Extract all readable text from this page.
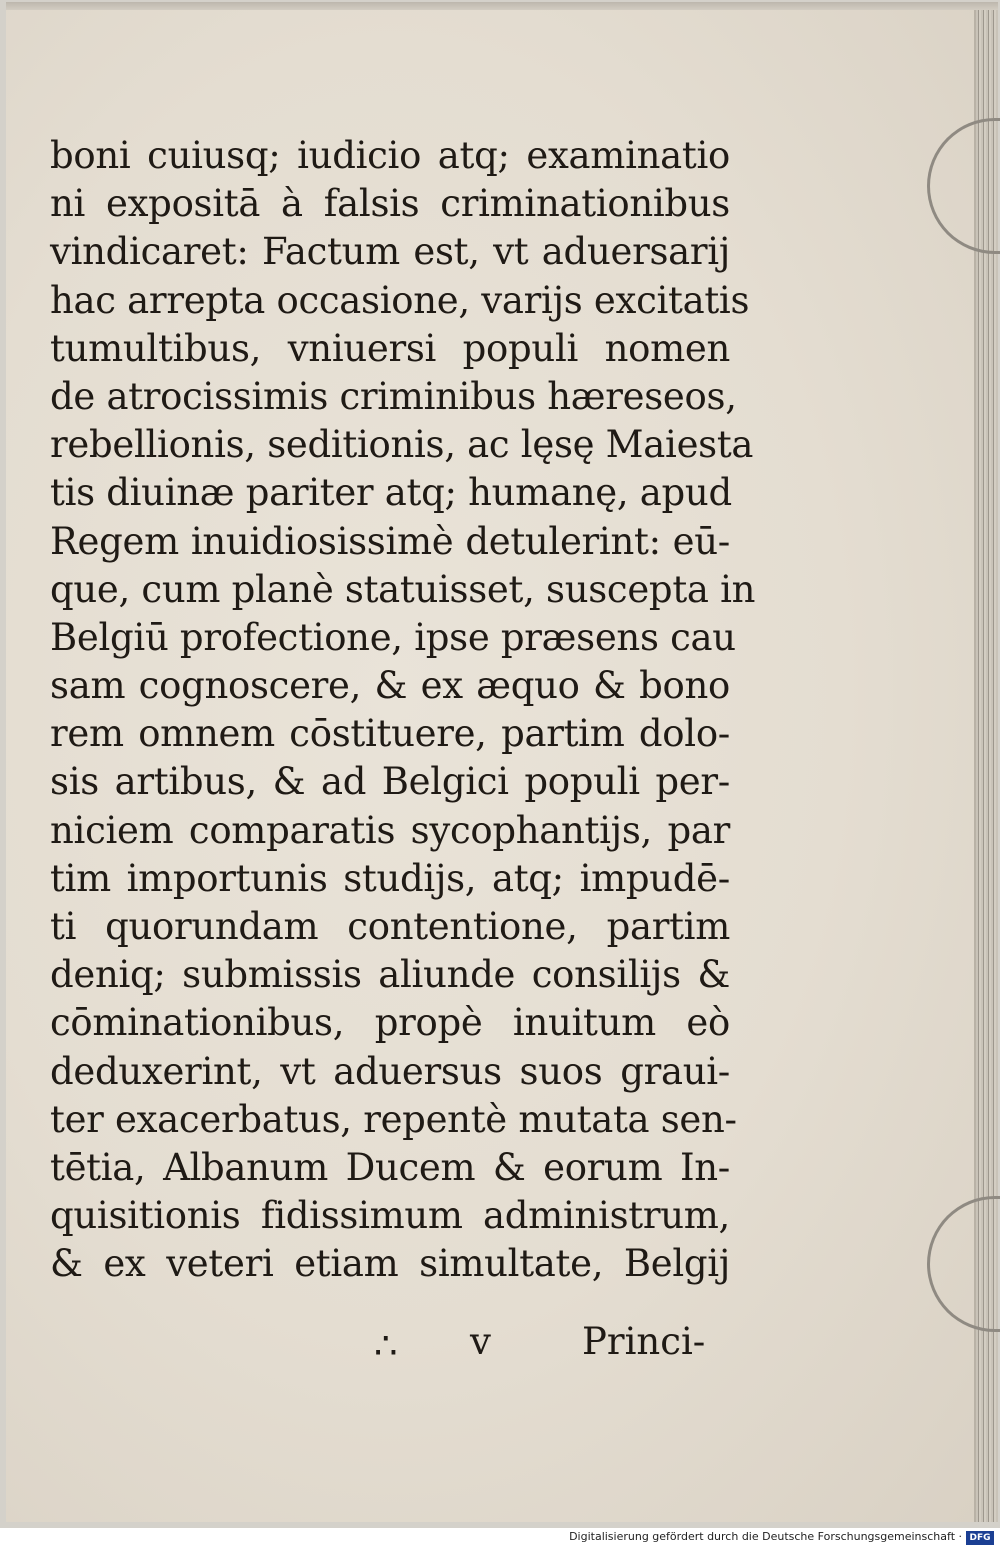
boni cuiusq; iudicio atq; examinatio
ni expositā à falsis criminationibus
vindicaret: Factum est, vt aduersarij
hac arrepta occasione, varijs excitatis
tumultibus, vniuersi populi nomen
de atrocissimis criminibus hæreseos,
rebellionis, seditionis, ac lęsę Maiesta
tis diuinæ pariter atq; humanę, apud
Regem inuidiosissimè detulerint: eū-
que, cum planè statuisset, suscepta in
Belgiū profectione, ipse præsens cau
sam cognoscere, & ex æquo & bono
rem omnem cōstituere, partim dolo-
sis artibus, & ad Belgici populi per-
niciem comparatis sycophantijs, par
tim importunis studijs, atq; impudē-
ti quorundam contentione, partim
deniq; submissis aliunde consilijs &
cōminationibus, propè inuitum eò
deduxerint, vt aduersus suos graui-
ter exacerbatus, repentè mutata sen-
tētia, Albanum Ducem & eorum In-
quisitionis fidissimum administrum,
& ex veteri etiam simultate, Belgij
∴ v Princi-
Digitalisierung gefördert durch die Deutsche Forschungsgemeinschaft · DFG
